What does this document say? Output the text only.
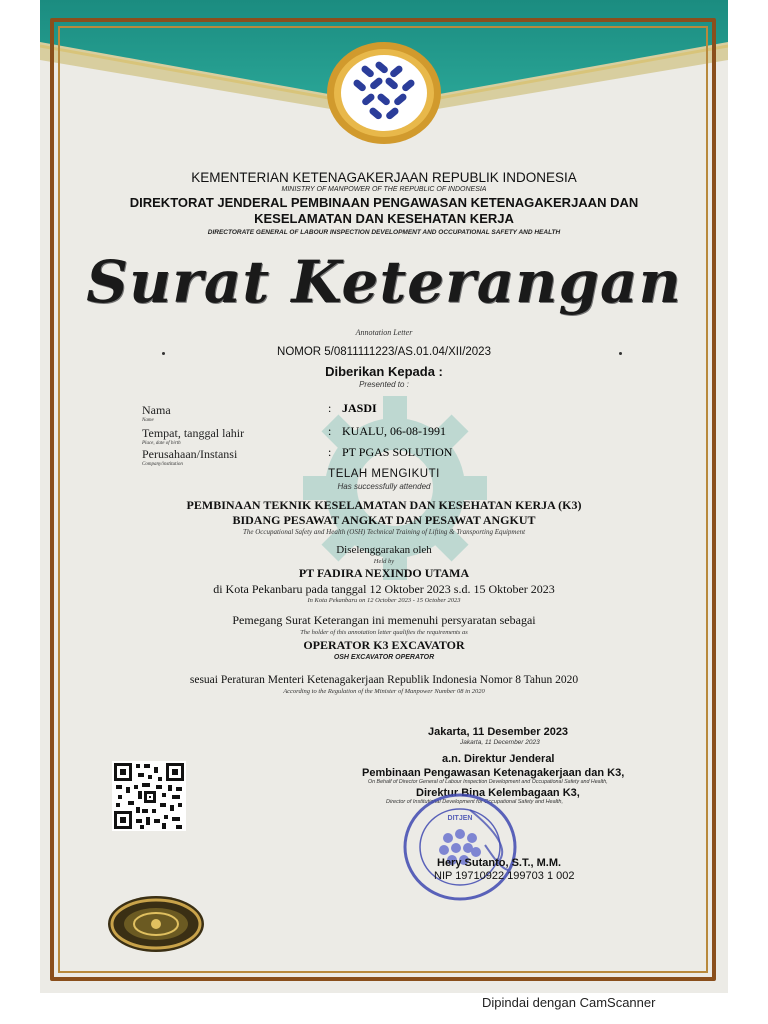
KEMENTERIAN KETENAGAKERJAAN REPUBLIK INDONESIA
MINISTRY OF MANPOWER OF THE REPUBLIC OF INDONESIA
DIREKTORAT JENDERAL PEMBINAAN PENGAWASAN KETENAGAKERJAAN DAN
KESELAMATAN DAN KESEHATAN KERJA
DIRECTORATE GENERAL OF LABOUR INSPECTION DEVELOPMENT AND OCCUPATIONAL SAFETY AND HEALTH
Surat Keterangan
Annotation Letter
NOMOR 5/0811111223/AS.01.04/XII/2023
Diberikan Kepada :
Presented to :
Nama
Name
: JASDI
Tempat, tanggal lahir
Place, date of birth
: KUALU, 06-08-1991
Perusahaan/Instansi
Company/institution
: PT PGAS SOLUTION
TELAH MENGIKUTI
Has successfully attended
PEMBINAAN TEKNIK KESELAMATAN DAN KESEHATAN KERJA (K3)
BIDANG PESAWAT ANGKAT DAN PESAWAT ANGKUT
The Occupational Safety and Health (OSH) Technical Training of Lifting & Transporting Equipment
Diselenggarakan oleh
Held by
PT FADIRA NEXINDO UTAMA
di Kota Pekanbaru pada tanggal 12 Oktober 2023 s.d. 15 Oktober 2023
In Kota Pekanbaru on 12 October 2023 - 15 October 2023
Pemegang Surat Keterangan ini memenuhi persyaratan sebagai
The holder of this annotation letter qualifies the requirements as
OPERATOR K3 EXCAVATOR
OSH EXCAVATOR OPERATOR
sesuai Peraturan Menteri Ketenagakerjaan Republik Indonesia Nomor 8 Tahun 2020
According to the Regulation of the Minister of Manpower Number 08 in 2020
Jakarta, 11 Desember 2023
Jakarta, 11 December 2023
a.n. Direktur Jenderal
Pembinaan Pengawasan Ketenagakerjaan dan K3,
On Behalf of Director General of Labour Inspection Development and Occupational Safety and Health,
Direktur Bina Kelembagaan K3,
Director of Institutional Development for Occupational Safety and Health,
DITJEN
Hery Sutanto, S.T., M.M.
NIP 19710922 199703 1 002
Dipindai dengan CamScanner
